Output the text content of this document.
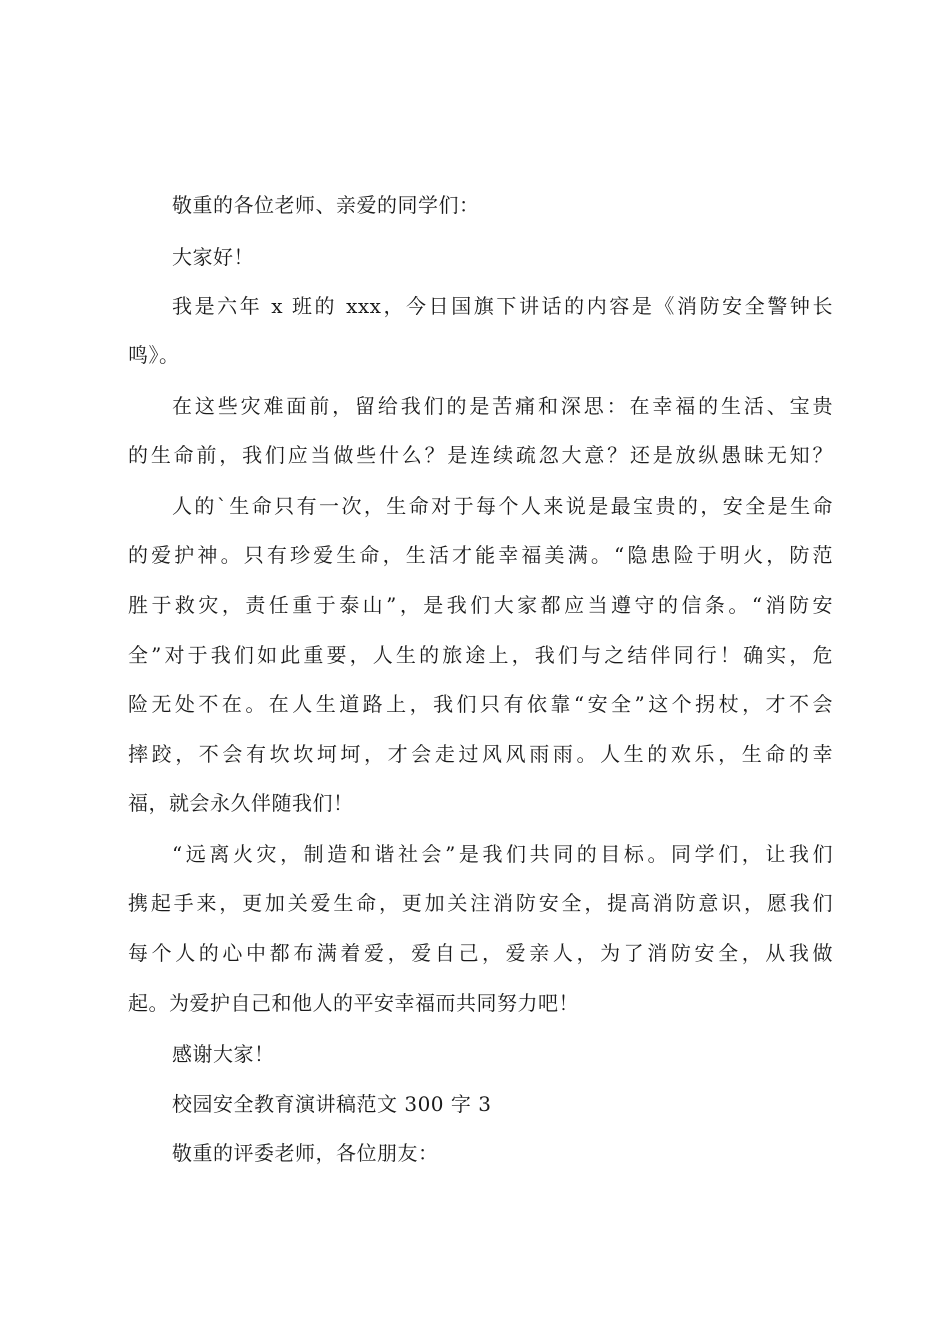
敬重的各位老师、亲爱的同学们：
大家好！
我是六年 x 班的 xxx，今日国旗下讲话的内容是《消防安全警钟长
鸣》。
在这些灾难面前，留给我们的是苦痛和深思：在幸福的生活、宝贵
的生命前，我们应当做些什么？是连续疏忽大意？还是放纵愚昧无知？
人的`生命只有一次，生命对于每个人来说是最宝贵的，安全是生命
的爱护神。只有珍爱生命，生活才能幸福美满。“隐患险于明火，防范
胜于救灾，责任重于泰山”，是我们大家都应当遵守的信条。“消防安
全”对于我们如此重要，人生的旅途上，我们与之结伴同行！确实，危
险无处不在。在人生道路上，我们只有依靠“安全”这个拐杖，才不会
摔跤，不会有坎坎坷坷，才会走过风风雨雨。人生的欢乐，生命的幸
福，就会永久伴随我们！
“远离火灾，制造和谐社会”是我们共同的目标。同学们，让我们
携起手来，更加关爱生命，更加关注消防安全，提高消防意识，愿我们
每个人的心中都布满着爱，爱自己，爱亲人，为了消防安全，从我做
起。为爱护自己和他人的平安幸福而共同努力吧！
感谢大家！
校园安全教育演讲稿范文 300 字 3
敬重的评委老师，各位朋友：
